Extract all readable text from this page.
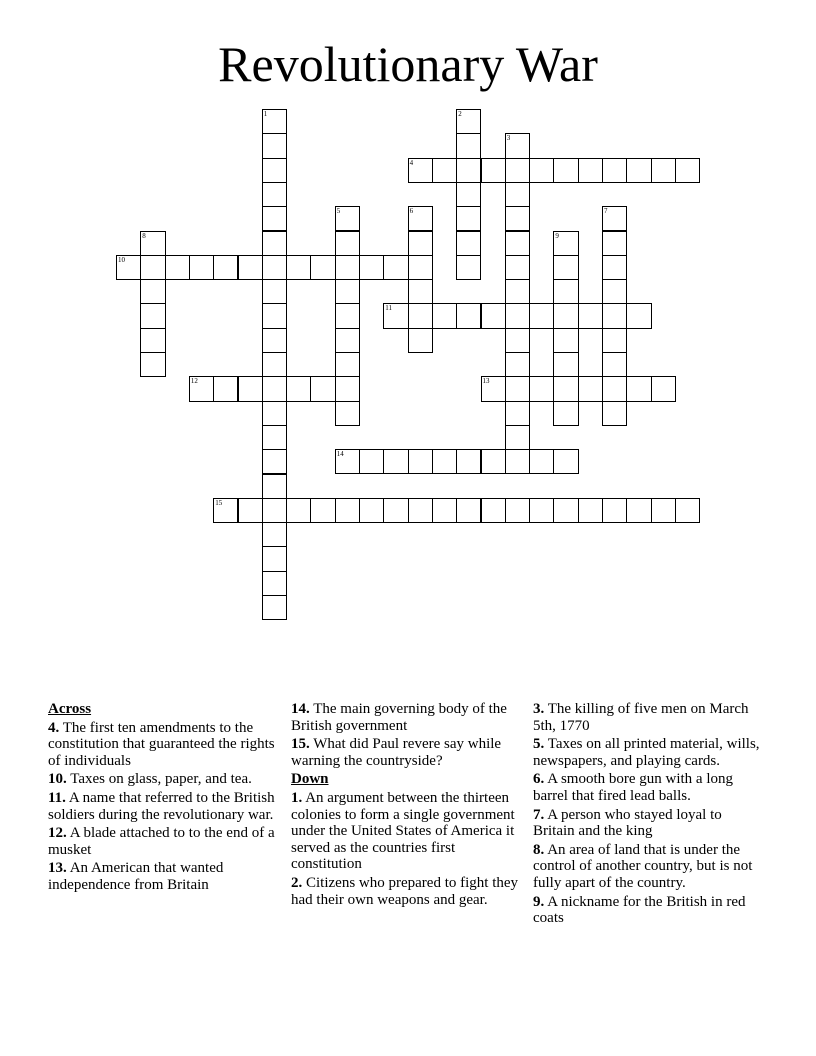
Revolutionary War
1	2
3
4
5	6	7
8	9
10
11
12	13
14
15
Across
4. The first ten amendments to the constitution that guaranteed the rights of individuals
10. Taxes on glass, paper, and tea.
11. A name that referred to the British soldiers during the revolutionary war.
12. A blade attached to to the end of a musket
13. An American that wanted independence from Britain
14. The main governing body of the British government
15. What did Paul revere say while warning the countryside?
Down
1. An argument between the thirteen colonies to form a single government under the United States of America it served as the countries first constitution
2. Citizens who prepared to fight they had their own weapons and gear.
3. The killing of five men on March 5th, 1770
5. Taxes on all printed material, wills, newspapers, and playing cards.
6. A smooth bore gun with a long barrel that fired lead balls.
7. A person who stayed loyal to Britain and the king
8. An area of land that is under the control of another country, but is not fully apart of the country.
9. A nickname for the British in red coats
